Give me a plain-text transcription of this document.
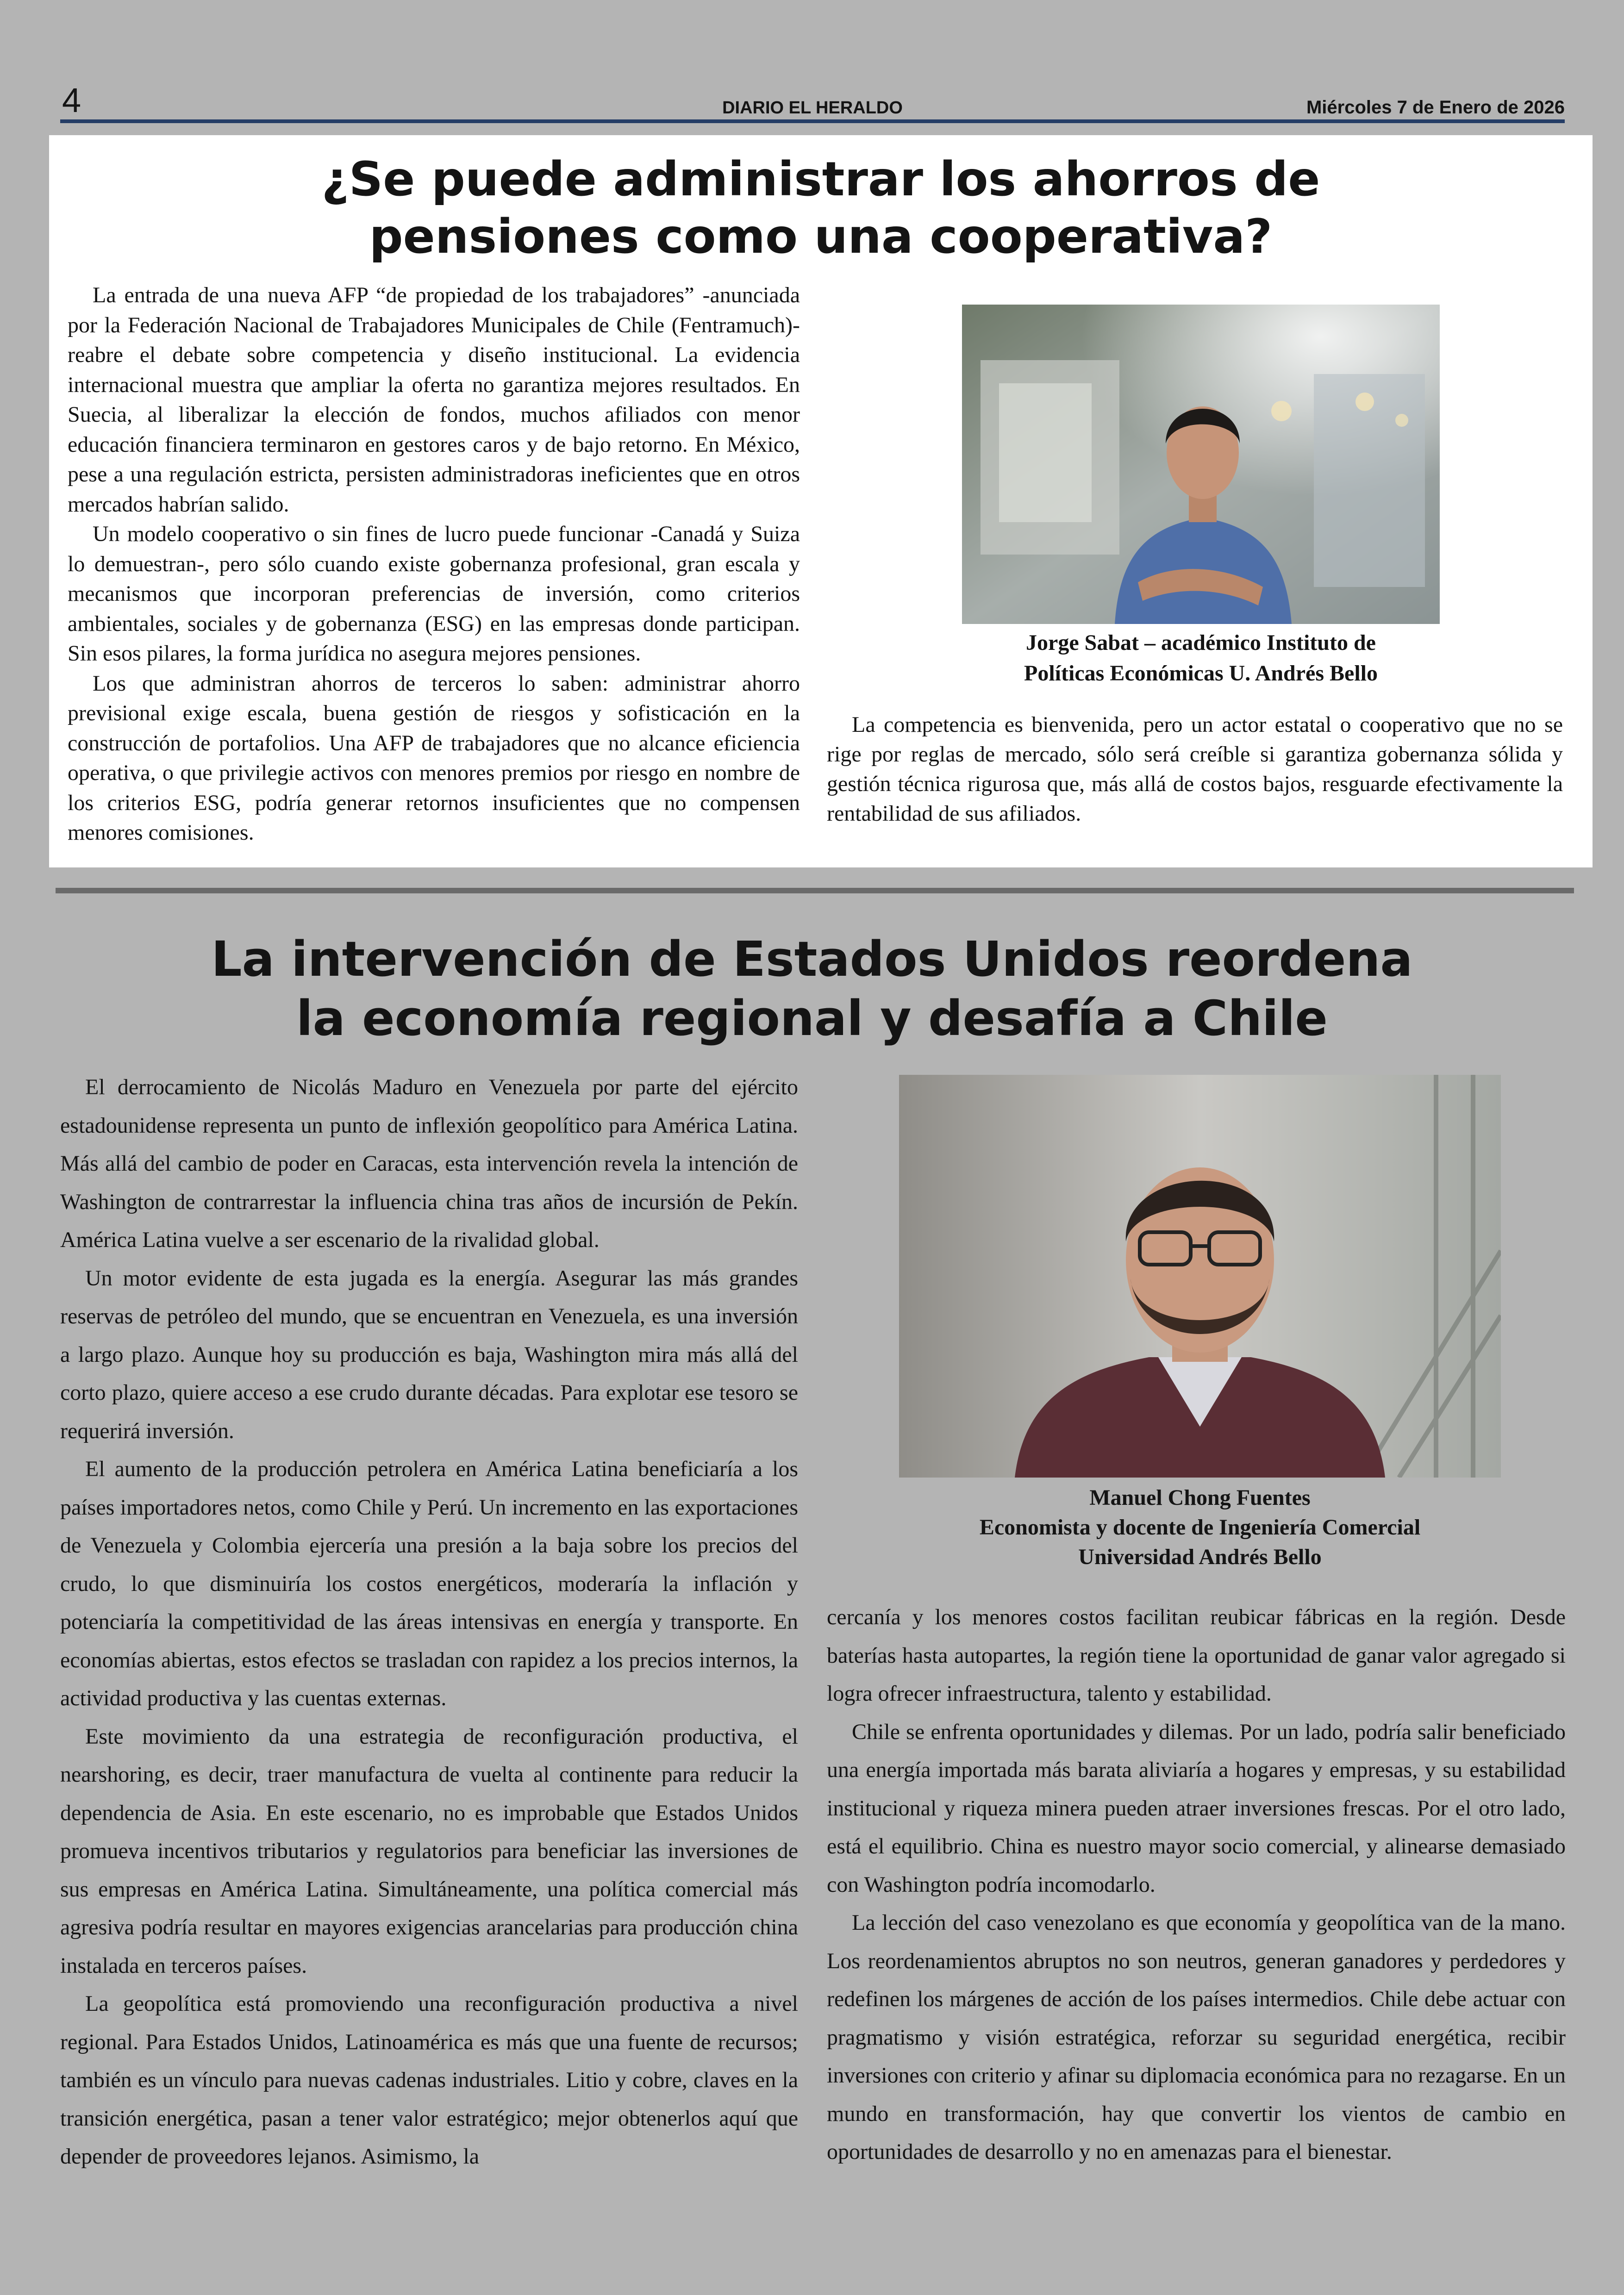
4	DIARIO EL HERALDO	Miércoles 7 de Enero de 2026
¿Se puede administrar los ahorros de
pensiones como una cooperativa?

La entrada de una nueva AFP “de propiedad de los trabajadores” -anunciada por la Federación Nacional de Trabajadores Municipales de Chile (Fentramuch)- reabre el debate sobre competencia y diseño institucional. La evidencia internacional muestra que ampliar la oferta no garantiza mejores resultados. En Suecia, al liberalizar la elección de fondos, muchos afiliados con menor educación financiera terminaron en gestores caros y de bajo retorno. En México, pese a una regulación estricta, persisten administradoras ineficientes que en otros mercados habrían salido.

Un modelo cooperativo o sin fines de lucro puede funcionar -Canadá y Suiza lo demuestran-, pero sólo cuando existe gobernanza profesional, gran escala y mecanismos que incorporan preferencias de inversión, como criterios ambientales, sociales y de gobernanza (ESG) en las empresas donde participan. Sin esos pilares, la forma jurídica no asegura mejores pensiones.

Los que administran ahorros de terceros lo saben: administrar ahorro previsional exige escala, buena gestión de riesgos y sofisticación en la construcción de portafolios. Una AFP de trabajadores que no alcance eficiencia operativa, o que privilegie activos con menores premios por riesgo en nombre de los criterios ESG, podría generar retornos insuficientes que no compensen menores comisiones.

Jorge Sabat – académico Instituto de
Políticas Económicas U. Andrés Bello

La competencia es bienvenida, pero un actor estatal o cooperativo que no se rige por reglas de mercado, sólo será creíble si garantiza gobernanza sólida y gestión técnica rigurosa que, más allá de costos bajos, resguarde efectivamente la rentabilidad de sus afiliados.

La intervención de Estados Unidos reordena
la economía regional y desafía a Chile

El derrocamiento de Nicolás Maduro en Venezuela por parte del ejército estadounidense representa un punto de inflexión geopolítico para América Latina. Más allá del cambio de poder en Caracas, esta intervención revela la intención de Washington de contrarrestar la influencia china tras años de incursión de Pekín. América Latina vuelve a ser escenario de la rivalidad global.

Un motor evidente de esta jugada es la energía. Asegurar las más grandes reservas de petróleo del mundo, que se encuentran en Venezuela, es una inversión a largo plazo. Aunque hoy su producción es baja, Washington mira más allá del corto plazo, quiere acceso a ese crudo durante décadas. Para explotar ese tesoro se requerirá inversión.

El aumento de la producción petrolera en América Latina beneficiaría a los países importadores netos, como Chile y Perú. Un incremento en las exportaciones de Venezuela y Colombia ejercería una presión a la baja sobre los precios del crudo, lo que disminuiría los costos energéticos, moderaría la inflación y potenciaría la competitividad de las áreas intensivas en energía y transporte. En economías abiertas, estos efectos se trasladan con rapidez a los precios internos, la actividad productiva y las cuentas externas.

Este movimiento da una estrategia de reconfiguración productiva, el nearshoring, es decir, traer manufactura de vuelta al continente para reducir la dependencia de Asia. En este escenario, no es improbable que Estados Unidos promueva incentivos tributarios y regulatorios para beneficiar las inversiones de sus empresas en América Latina. Simultáneamente, una política comercial más agresiva podría resultar en mayores exigencias arancelarias para producción china instalada en terceros países.

La geopolítica está promoviendo una reconfiguración productiva a nivel regional. Para Estados Unidos, Latinoamérica es más que una fuente de recursos; también es un vínculo para nuevas cadenas industriales. Litio y cobre, claves en la transición energética, pasan a tener valor estratégico; mejor obtenerlos aquí que depender de proveedores lejanos. Asimismo, la

Manuel Chong Fuentes
Economista y docente de Ingeniería Comercial
Universidad Andrés Bello

cercanía y los menores costos facilitan reubicar fábricas en la región. Desde baterías hasta autopartes, la región tiene la oportunidad de ganar valor agregado si logra ofrecer infraestructura, talento y estabilidad.

Chile se enfrenta oportunidades y dilemas. Por un lado, podría salir beneficiado una energía importada más barata aliviaría a hogares y empresas, y su estabilidad institucional y riqueza minera pueden atraer inversiones frescas. Por el otro lado, está el equilibrio. China es nuestro mayor socio comercial, y alinearse demasiado con Washington podría incomodarlo.

La lección del caso venezolano es que economía y geopolítica van de la mano. Los reordenamientos abruptos no son neutros, generan ganadores y perdedores y redefinen los márgenes de acción de los países intermedios. Chile debe actuar con pragmatismo y visión estratégica, reforzar su seguridad energética, recibir inversiones con criterio y afinar su diplomacia económica para no rezagarse. En un mundo en transformación, hay que convertir los vientos de cambio en oportunidades de desarrollo y no en amenazas para el bienestar.
